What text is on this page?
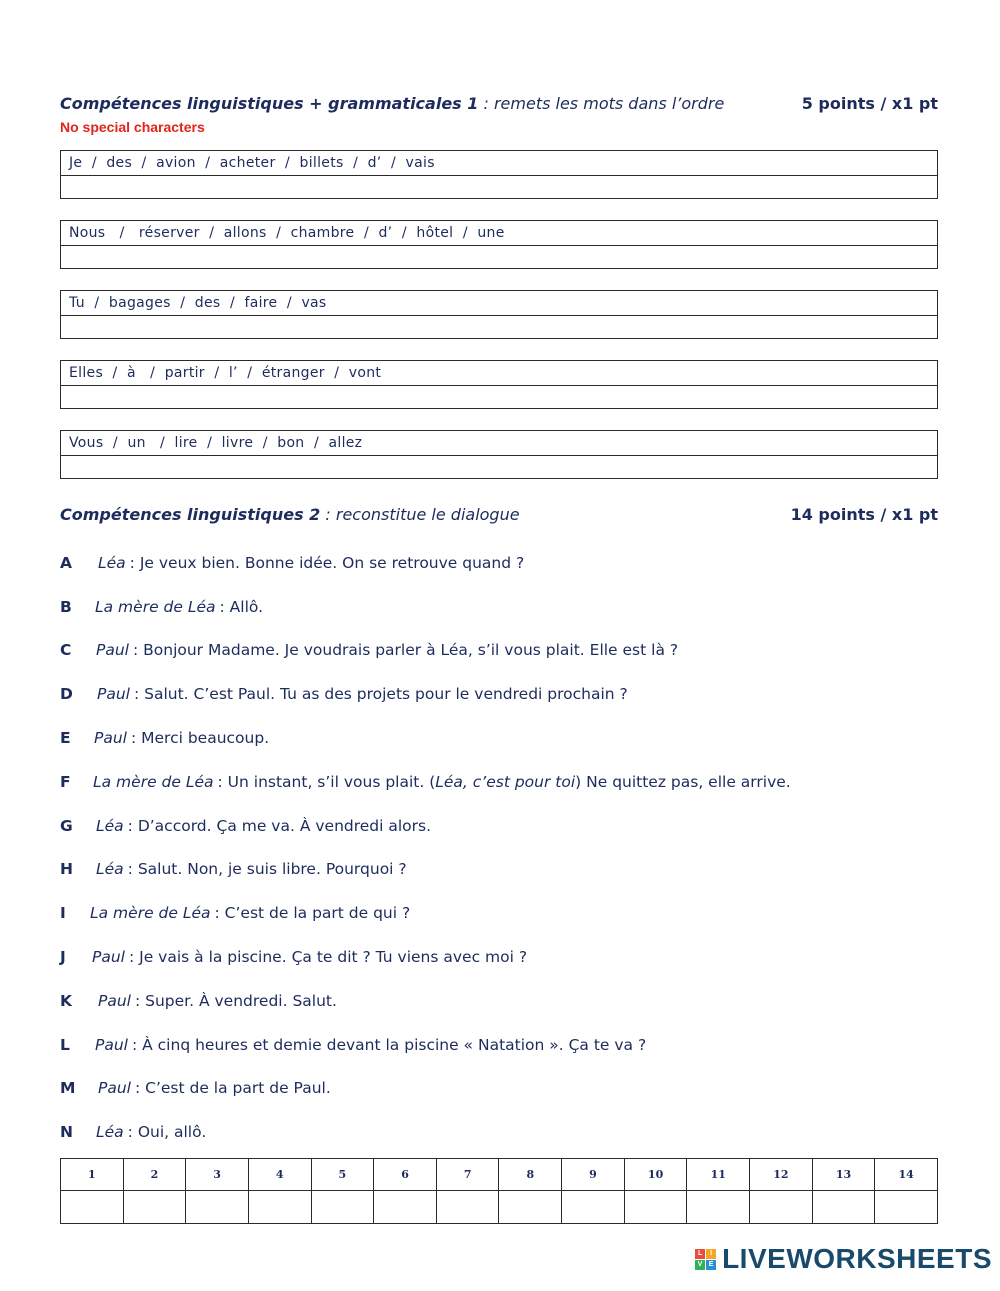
Compétences linguistiques + grammaticales 1 : remets les mots dans l’ordre	5 points / x1 pt
No special characters
Je  /  des  /  avion  /  acheter  /  billets  /  d’  /  vais
Nous   /   réserver  /  allons  /  chambre  /  d’  /  hôtel  /  une
Tu  /  bagages  /  des  /  faire  /  vas
Elles  /  à   /  partir  /  l’  /  étranger  /  vont
Vous  /  un   /  lire  /  livre  /  bon  /  allez
Compétences linguistiques 2 : reconstitue le dialogue	14 points / x1 pt
A	Léa : Je veux bien. Bonne idée. On se retrouve quand ?
B	La mère de Léa : Allô.
C	Paul : Bonjour Madame. Je voudrais parler à Léa, s’il vous plait. Elle est là ?
D	Paul : Salut. C’est Paul. Tu as des projets pour le vendredi prochain ?
E	Paul : Merci beaucoup.
F	La mère de Léa : Un instant, s’il vous plait. ( Léa, c’est pour toi ) Ne quittez pas, elle arrive.
G	Léa : D’accord. Ça me va. À vendredi alors.
H	Léa : Salut. Non, je suis libre. Pourquoi ?
I	La mère de Léa : C’est de la part de qui ?
J	Paul : Je vais à la piscine. Ça te dit ? Tu viens avec moi ?
K	Paul : Super. À vendredi. Salut.
L	Paul : À cinq heures et demie devant la piscine « Natation ». Ça te va ?
M	Paul : C’est de la part de Paul.
N	Léa : Oui, allô.
1	2	3	4	5	6	7	8	9	10	11	12	13	14

L	I
V E LIVEWORKSHEETS
